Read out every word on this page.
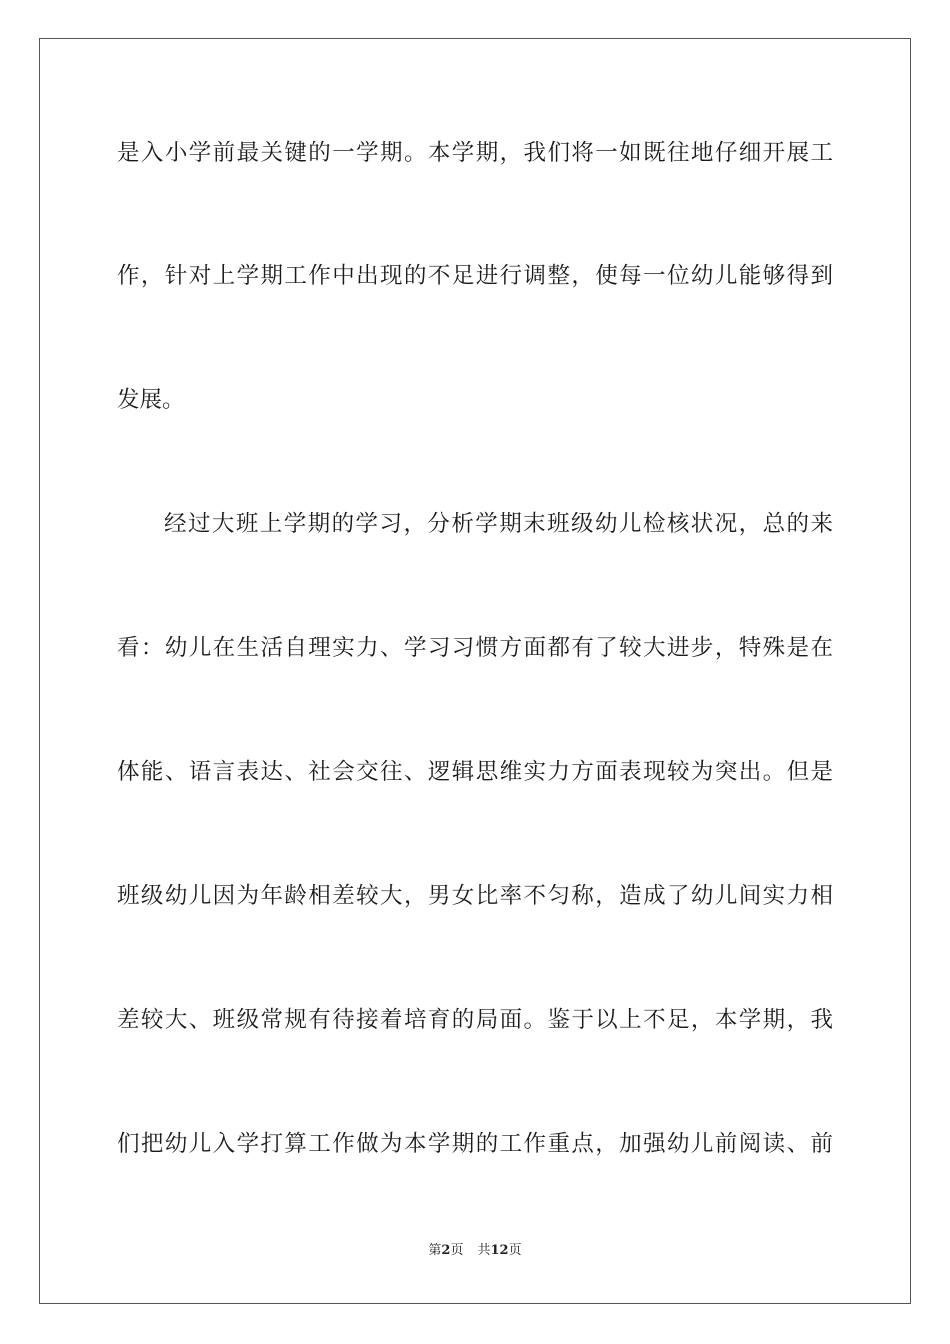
是入小学前最关键的一学期。本学期，我们将一如既往地仔细开展工
作，针对上学期工作中出现的不足进行调整，使每一位幼儿能够得到
发展。
经过大班上学期的学习，分析学期末班级幼儿检核状况，总的来
看：幼儿在生活自理实力、学习习惯方面都有了较大进步，特殊是在
体能、语言表达、社会交往、逻辑思维实力方面表现较为突出。但是
班级幼儿因为年龄相差较大，男女比率不匀称，造成了幼儿间实力相
差较大、班级常规有待接着培育的局面。鉴于以上不足，本学期，我
们把幼儿入学打算工作做为本学期的工作重点，加强幼儿前阅读、前
第2页 共12页
